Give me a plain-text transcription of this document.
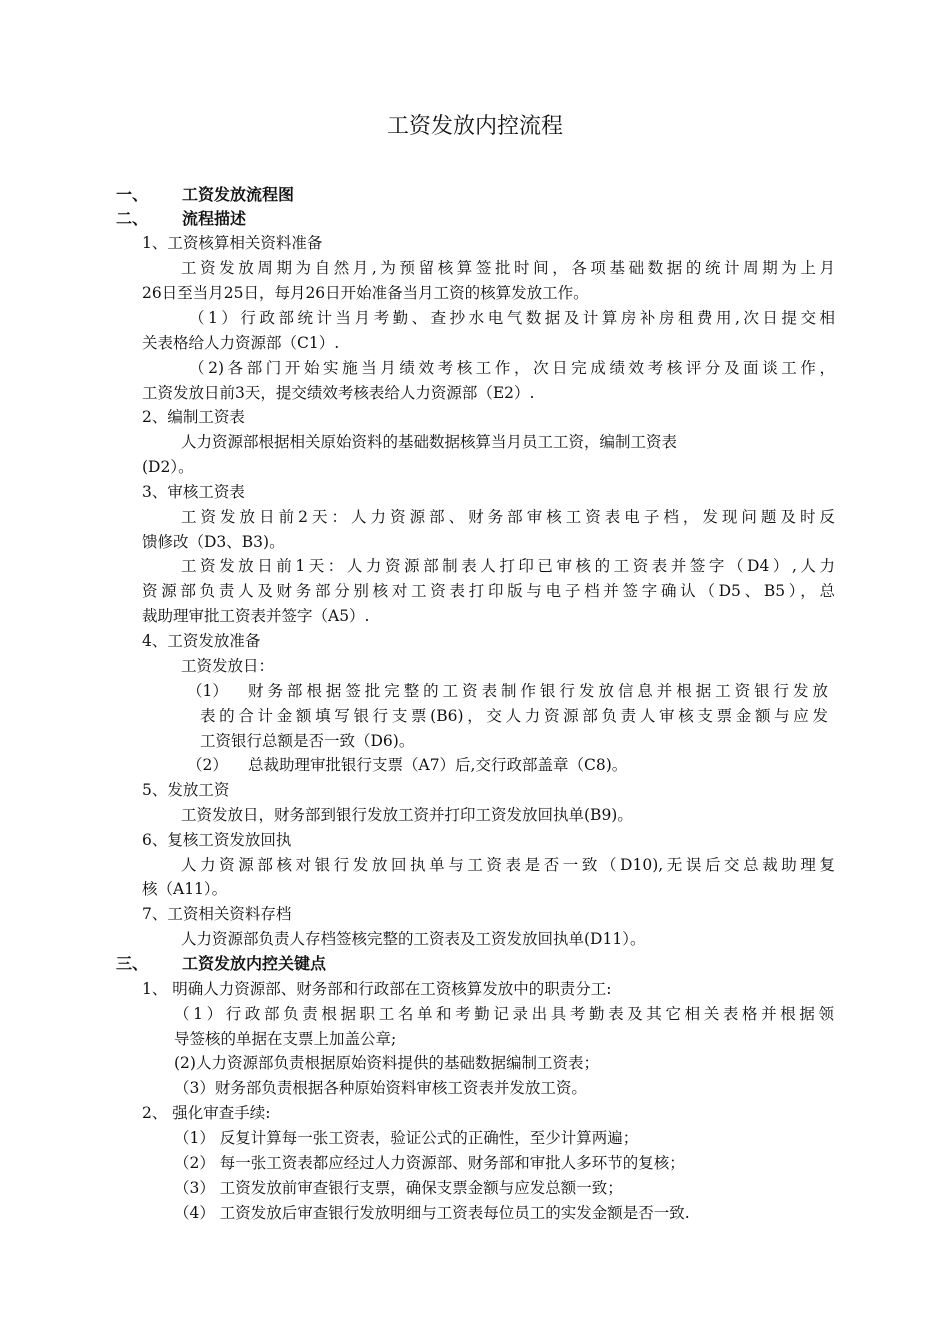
工资发放内控流程
一、 工资发放流程图
二、 流程描述
1、工资核算相关资料准备
工资发放周期为自然月,为预留核算签批时间，各项基础数据的统计周期为上月
26日至当月25日，每月26日开始准备当月工资的核算发放工作。
（1）行政部统计当月考勤、查抄水电气数据及计算房补房租费用,次日提交相
关表格给人力资源部（C1）.
（2)各部门开始实施当月绩效考核工作，次日完成绩效考核评分及面谈工作，
工资发放日前3天，提交绩效考核表给人力资源部（E2）.
2、编制工资表
人力资源部根据相关原始资料的基础数据核算当月员工工资，编制工资表
(D2）。
3、审核工资表
工资发放日前2天：人力资源部、财务部审核工资表电子档，发现问题及时反
馈修改（D3、B3)。
工资发放日前1天：人力资源部制表人打印已审核的工资表并签字（D4）,人力
资源部负责人及财务部分别核对工资表打印版与电子档并签字确认（D5、B5），总
裁助理审批工资表并签字（A5）.
4、工资发放准备
工资发放日：
（1） 财务部根据签批完整的工资表制作银行发放信息并根据工资银行发放
表的合计金额填写银行支票(B6)，交人力资源部负责人审核支票金额与应发
工资银行总额是否一致（D6)。
（2） 总裁助理审批银行支票（A7）后,交行政部盖章（C8)。
5、发放工资
工资发放日，财务部到银行发放工资并打印工资发放回执单(B9)。
6、复核工资发放回执
人力资源部核对银行发放回执单与工资表是否一致（D10),无误后交总裁助理复
核（A11）。
7、工资相关资料存档
人力资源部负责人存档签核完整的工资表及工资发放回执单(D11）。
三、 工资发放内控关键点
1、 明确人力资源部、财务部和行政部在工资核算发放中的职责分工:
（1）行政部负责根据职工名单和考勤记录出具考勤表及其它相关表格并根据领
导签核的单据在支票上加盖公章;
(2)人力资源部负责根据原始资料提供的基础数据编制工资表；
（3）财务部负责根据各种原始资料审核工资表并发放工资。
2、 强化审查手续:
（1） 反复计算每一张工资表，验证公式的正确性，至少计算两遍；
（2） 每一张工资表都应经过人力资源部、财务部和审批人多环节的复核；
（3） 工资发放前审查银行支票，确保支票金额与应发总额一致；
（4） 工资发放后审查银行发放明细与工资表每位员工的实发金额是否一致.
